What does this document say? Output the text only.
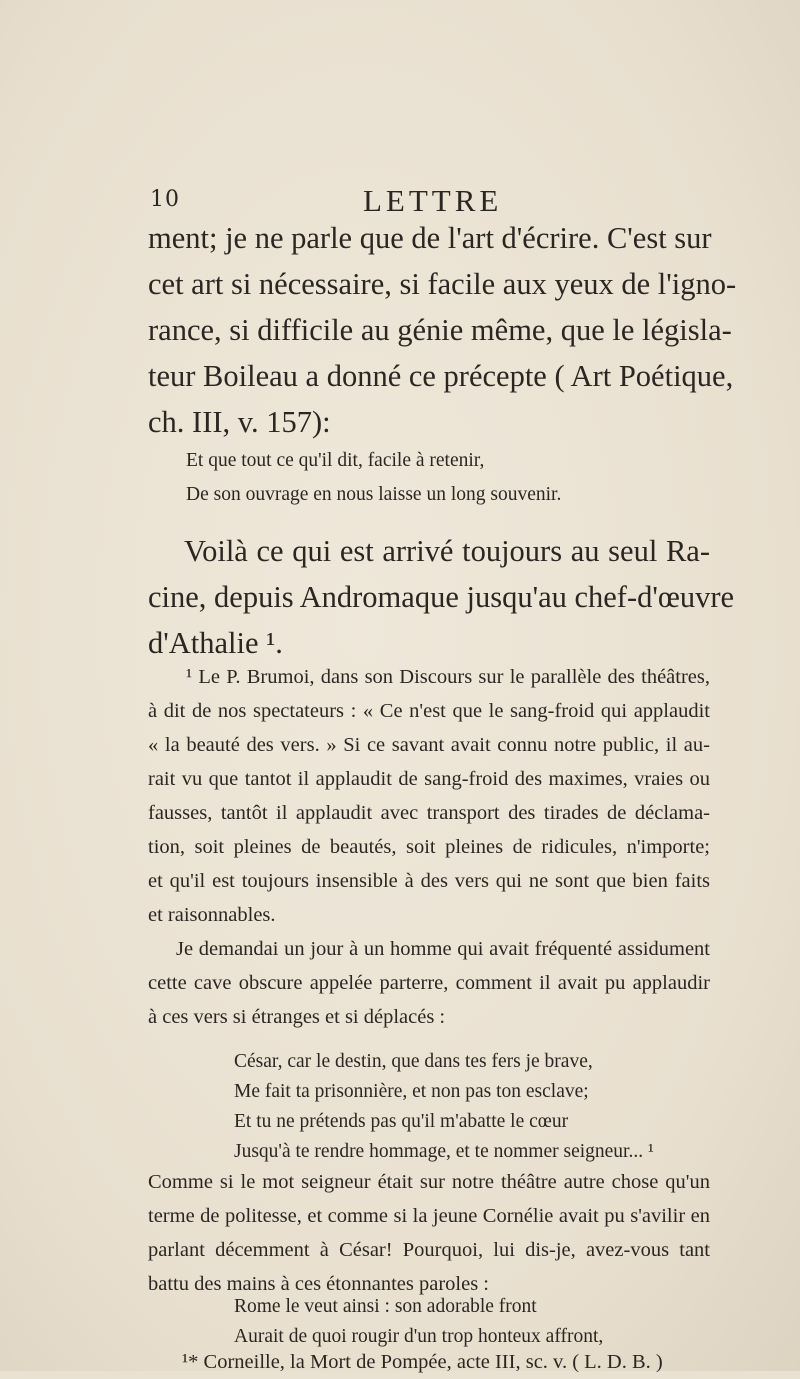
10	LETTRE
ment; je ne parle que de l'art d'écrire. C'est sur
cet art si nécessaire, si facile aux yeux de l'igno-
rance, si difficile au génie même, que le législa-
teur Boileau a donné ce précepte ( Art Poétique,
ch. III, v. 157):
Et que tout ce qu'il dit, facile à retenir,
De son ouvrage en nous laisse un long souvenir.
Voilà ce qui est arrivé toujours au seul Ra-
cine, depuis Andromaque jusqu'au chef-d'œuvre
d'Athalie ¹.
¹ Le P. Brumoi, dans son Discours sur le parallèle des théâtres,
à dit de nos spectateurs : « Ce n'est que le sang-froid qui applaudit
« la beauté des vers. » Si ce savant avait connu notre public, il au-
rait vu que tantot il applaudit de sang-froid des maximes, vraies ou
fausses, tantôt il applaudit avec transport des tirades de déclama-
tion, soit pleines de beautés, soit pleines de ridicules, n'importe;
et qu'il est toujours insensible à des vers qui ne sont que bien faits
et raisonnables.
Je demandai un jour à un homme qui avait fréquenté assidument
cette cave obscure appelée parterre, comment il avait pu applaudir
à ces vers si étranges et si déplacés :
César, car le destin, que dans tes fers je brave,
Me fait ta prisonnière, et non pas ton esclave;
Et tu ne prétends pas qu'il m'abatte le cœur
Jusqu'à te rendre hommage, et te nommer seigneur... ¹
Comme si le mot seigneur était sur notre théâtre autre chose qu'un
terme de politesse, et comme si la jeune Cornélie avait pu s'avilir en
parlant décemment à César! Pourquoi, lui dis-je, avez-vous tant
battu des mains à ces étonnantes paroles :
Rome le veut ainsi : son adorable front
Aurait de quoi rougir d'un trop honteux affront,
¹* Corneille, la Mort de Pompée, acte III, sc. v. ( L. D. B. )
